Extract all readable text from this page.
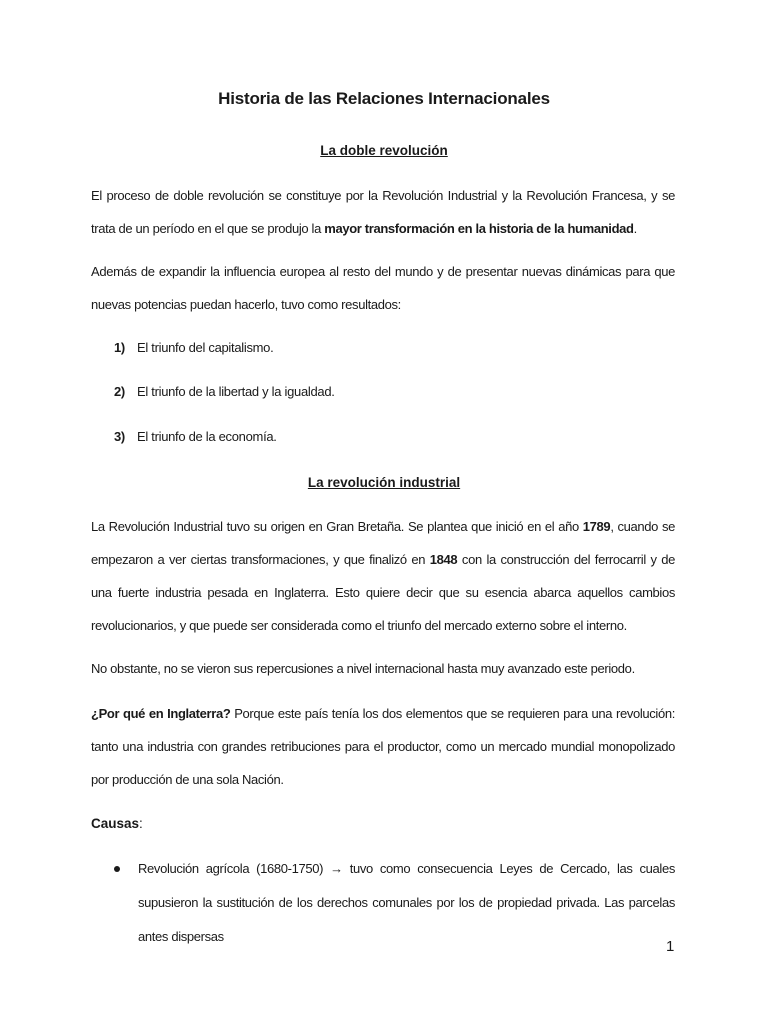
Historia de las Relaciones Internacionales
La doble revolución
El proceso de doble revolución se constituye por la Revolución Industrial y la Revolución Francesa, y se trata de un período en el que se produjo la mayor transformación en la historia de la humanidad.
Además de expandir la influencia europea al resto del mundo y de presentar nuevas dinámicas para que nuevas potencias puedan hacerlo, tuvo como resultados:
1) El triunfo del capitalismo.
2) El triunfo de la libertad y la igualdad.
3) El triunfo de la economía.
La revolución industrial
La Revolución Industrial tuvo su origen en Gran Bretaña. Se plantea que inició en el año 1789, cuando se empezaron a ver ciertas transformaciones, y que finalizó en 1848 con la construcción del ferrocarril y de una fuerte industria pesada en Inglaterra. Esto quiere decir que su esencia abarca aquellos cambios revolucionarios, y que puede ser considerada como el triunfo del mercado externo sobre el interno.
No obstante, no se vieron sus repercusiones a nivel internacional hasta muy avanzado este periodo.
¿Por qué en Inglaterra? Porque este país tenía los dos elementos que se requieren para una revolución: tanto una industria con grandes retribuciones para el productor, como un mercado mundial monopolizado por producción de una sola Nación.
Causas:
Revolución agrícola (1680-1750) → tuvo como consecuencia Leyes de Cercado, las cuales supusieron la sustitución de los derechos comunales por los de propiedad privada. Las parcelas antes dispersas
1
